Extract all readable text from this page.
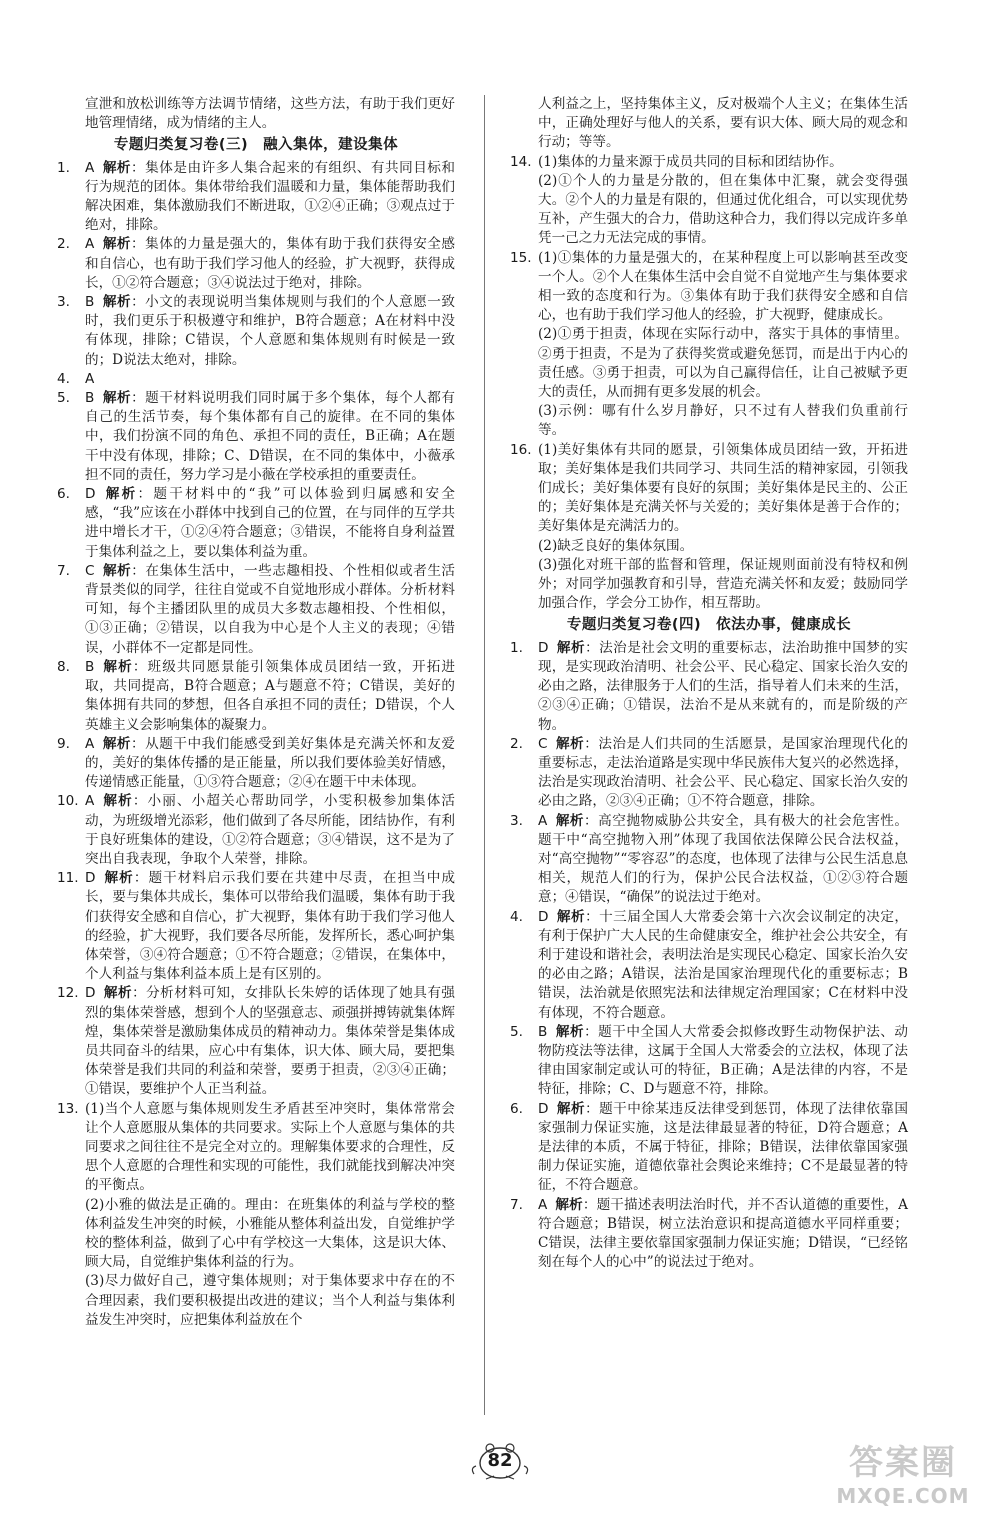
宣泄和放松训练等方法调节情绪，这些方法，有助于我们更好地管理情绪，成为情绪的主人。
专题归类复习卷(三)　融入集体，建设集体
1. A 解析：集体是由许多人集合起来的有组织、有共同目标和行为规范的团体。集体带给我们温暖和力量，集体能帮助我们解决困难，集体激励我们不断进取，①②④正确；③观点过于绝对，排除。
2. A 解析：集体的力量是强大的，集体有助于我们获得安全感和自信心，也有助于我们学习他人的经验，扩大视野，获得成长，①②符合题意；③④说法过于绝对，排除。
3. B 解析：小文的表现说明当集体规则与我们的个人意愿一致时，我们更乐于积极遵守和维护，B符合题意；A在材料中没有体现，排除；C错误，个人意愿和集体规则有时候是一致的；D说法太绝对，排除。
4. A
5. B 解析：题干材料说明我们同时属于多个集体，每个人都有自己的生活节奏，每个集体都有自己的旋律。在不同的集体中，我们扮演不同的角色、承担不同的责任，B正确；A在题干中没有体现，排除；C、D错误，在不同的集体中，小薇承担不同的责任，努力学习是小薇在学校承担的重要责任。
6. D 解析：题干材料中的“我”可以体验到归属感和安全感，“我”应该在小群体中找到自己的位置，在与同伴的互学共进中增长才干，①②④符合题意；③错误，不能将自身利益置于集体利益之上，要以集体利益为重。
7. C 解析：在集体生活中，一些志趣相投、个性相似或者生活背景类似的同学，往往自觉或不自觉地形成小群体。分析材料可知，每个主播团队里的成员大多数志趣相投、个性相似，①③正确；②错误，以自我为中心是个人主义的表现；④错误，小群体不一定都是同性。
8. B 解析：班级共同愿景能引领集体成员团结一致，开拓进取，共同提高，B符合题意；A与题意不符；C错误，美好的集体拥有共同的梦想，但各自承担不同的责任；D错误，个人英雄主义会影响集体的凝聚力。
9. A 解析：从题干中我们能感受到美好集体是充满关怀和友爱的，美好的集体传播的是正能量，所以我们要体验美好情感，传递情感正能量，①③符合题意；②④在题干中未体现。
10. A 解析：小丽、小超关心帮助同学，小雯积极参加集体活动，为班级增光添彩，他们做到了各尽所能，团结协作，有利于良好班集体的建设，①②符合题意；③④错误，这不是为了突出自我表现，争取个人荣誉，排除。
11. D 解析：题干材料启示我们要在共建中尽责，在担当中成长，要与集体共成长，集体可以带给我们温暖，集体有助于我们获得安全感和自信心，扩大视野，集体有助于我们学习他人的经验，扩大视野，我们要各尽所能，发挥所长，悉心呵护集体荣誉，③④符合题意；①不符合题意；②错误，在集体中，个人利益与集体利益本质上是有区别的。
12. D 解析：分析材料可知，女排队长朱婷的话体现了她具有强烈的集体荣誉感，想到个人的坚强意志、顽强拼搏铸就集体辉煌，集体荣誉是激励集体成员的精神动力。集体荣誉是集体成员共同奋斗的结果，应心中有集体，识大体、顾大局，要把集体荣誉是我们共同的利益和荣誉，要勇于担责，②③④正确；①错误，要维护个人正当利益。
13. (1)当个人意愿与集体规则发生矛盾甚至冲突时，集体常常会让个人意愿服从集体的共同要求。实际上个人意愿与集体的共同要求之间往往不是完全对立的。理解集体要求的合理性，反思个人意愿的合理性和实现的可能性，我们就能找到解决冲突的平衡点。
(2)小雅的做法是正确的。理由：在班集体的利益与学校的整体利益发生冲突的时候，小雅能从整体利益出发，自觉维护学校的整体利益，做到了心中有学校这一大集体，这是识大体、顾大局，自觉维护集体利益的行为。
(3)尽力做好自己，遵守集体规则；对于集体要求中存在的不合理因素，我们要积极提出改进的建议；当个人利益与集体利益发生冲突时，应把集体利益放在个
人利益之上，坚持集体主义，反对极端个人主义；在集体生活中，正确处理好与他人的关系，要有识大体、顾大局的观念和行动；等等。
14. (1)集体的力量来源于成员共同的目标和团结协作。
(2)①个人的力量是分散的，但在集体中汇聚，就会变得强大。②个人的力量是有限的，但通过优化组合，可以实现优势互补，产生强大的合力，借助这种合力，我们得以完成许多单凭一己之力无法完成的事情。
15. (1)①集体的力量是强大的，在某种程度上可以影响甚至改变一个人。②个人在集体生活中会自觉不自觉地产生与集体要求相一致的态度和行为。③集体有助于我们获得安全感和自信心，也有助于我们学习他人的经验，扩大视野，健康成长。
(2)①勇于担责，体现在实际行动中，落实于具体的事情里。②勇于担责，不是为了获得奖赏或避免惩罚，而是出于内心的责任感。③勇于担责，可以为自己赢得信任，让自己被赋予更大的责任，从而拥有更多发展的机会。
(3)示例：哪有什么岁月静好，只不过有人替我们负重前行等。
16. (1)美好集体有共同的愿景，引领集体成员团结一致，开拓进取；美好集体是我们共同学习、共同生活的精神家园，引领我们成长；美好集体要有良好的氛围；美好集体是民主的、公正的；美好集体是充满关怀与关爱的；美好集体是善于合作的；美好集体是充满活力的。
(2)缺乏良好的集体氛围。
(3)强化对班干部的监督和管理，保证规则面前没有特权和例外；对同学加强教育和引导，营造充满关怀和友爱；鼓励同学加强合作，学会分工协作，相互帮助。
专题归类复习卷(四)　依法办事，健康成长
1. D 解析：法治是社会文明的重要标志，法治助推中国梦的实现，是实现政治清明、社会公平、民心稳定、国家长治久安的必由之路，法律服务于人们的生活，指导着人们未来的生活，②③④正确；①错误，法治不是从来就有的，而是阶级的产物。
2. C 解析：法治是人们共同的生活愿景，是国家治理现代化的重要标志，走法治道路是实现中华民族伟大复兴的必然选择，法治是实现政治清明、社会公平、民心稳定、国家长治久安的必由之路，②③④正确；①不符合题意，排除。
3. A 解析：高空抛物威胁公共安全，具有极大的社会危害性。题干中“高空抛物入刑”体现了我国依法保障公民合法权益，对“高空抛物”“零容忍”的态度，也体现了法律与公民生活息息相关，规范人们的行为，保护公民合法权益，①②③符合题意；④错误，“确保”的说法过于绝对。
4. D 解析：十三届全国人大常委会第十六次会议制定的决定，有利于保护广大人民的生命健康安全，维护社会公共安全，有利于建设和谐社会，表明法治是实现民心稳定、国家长治久安的必由之路；A错误，法治是国家治理现代化的重要标志；B错误，法治就是依照宪法和法律规定治理国家；C在材料中没有体现，不符合题意。
5. B 解析：题干中全国人大常委会拟修改野生动物保护法、动物防疫法等法律，这属于全国人大常委会的立法权，体现了法律由国家制定或认可的特征，B正确；A是法律的内容，不是特征，排除；C、D与题意不符，排除。
6. D 解析：题干中徐某违反法律受到惩罚，体现了法律依靠国家强制力保证实施，这是法律最显著的特征，D符合题意；A是法律的本质，不属于特征，排除；B错误，法律依靠国家强制力保证实施，道德依靠社会舆论来维持；C不是最显著的特征，不符合题意。
7. A 解析：题干描述表明法治时代，并不否认道德的重要性，A符合题意；B错误，树立法治意识和提高道德水平同样重要；C错误，法律主要依靠国家强制力保证实施；D错误，“已经铭刻在每个人的心中”的说法过于绝对。
82	答案圈
MXQE.COM
